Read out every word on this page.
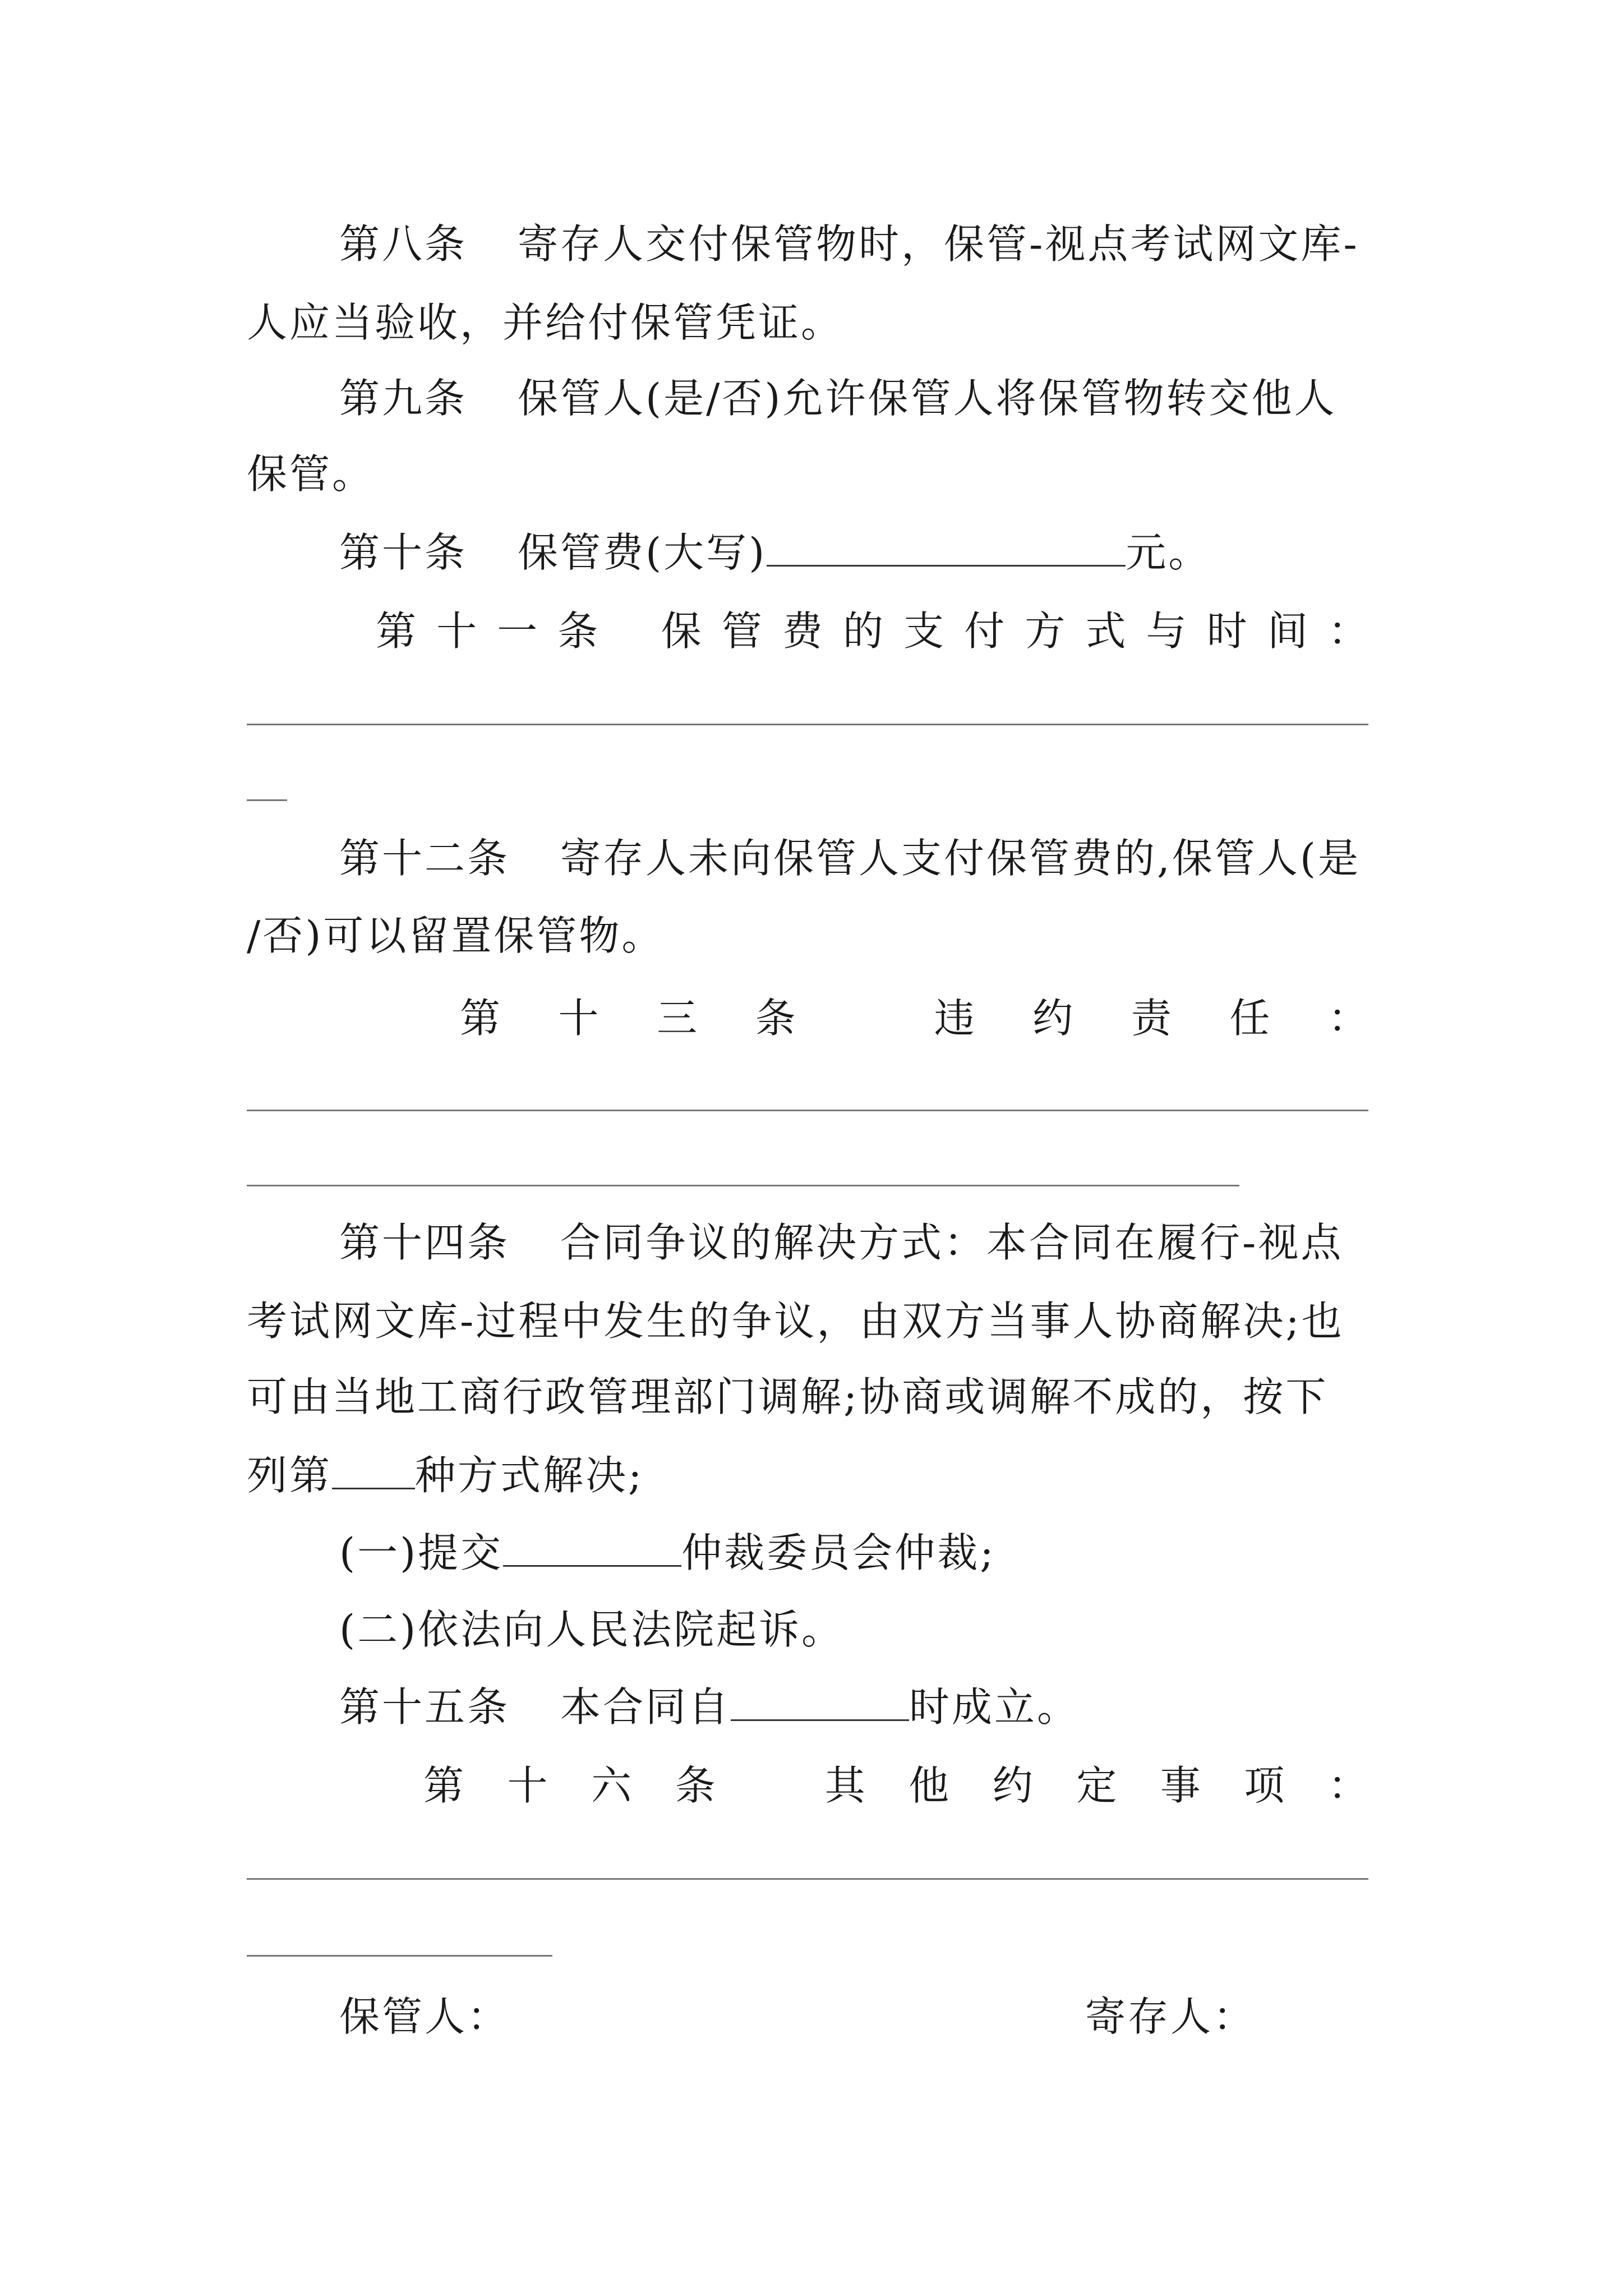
第八条 寄存人交付保管物时，保管-视点考试网文库-
人应当验收，并给付保管凭证。
第九条 保管人(是/否)允许保管人将保管物转交他人
保管。
第十条 保管费(大写)	元。
第 十 一 条 保 管 费 的 支 付 方 式 与 时 间 ：
第十二条 寄存人未向保管人支付保管费的,保管人(是
/否)可以留置保管物。
第 十 三 条	违 约 责 任 ：
第十四条 合同争议的解决方式：本合同在履行-视点
考试网文库-过程中发生的争议，由双方当事人协商解决;也
可由当地工商行政管理部门调解;协商或调解不成的，按下
列第 种方式解决;
(一)提交	仲裁委员会仲裁;
(二)依法向人民法院起诉。
第十五条 本合同自	时成立。
第 十 六 条	其 他 约 定 事 项 ：
保管人：	寄存人：
